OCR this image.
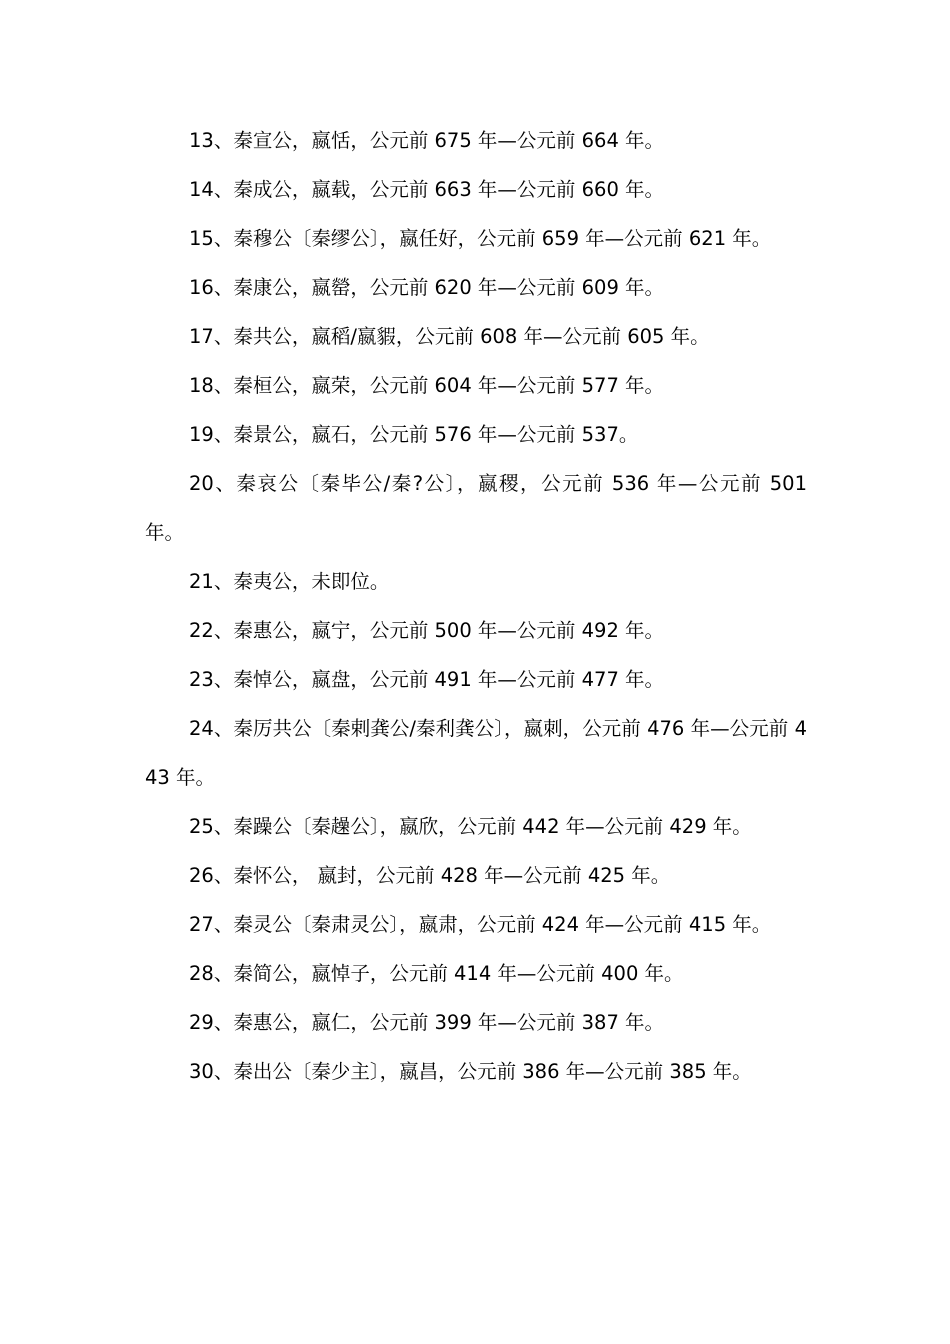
13、秦宣公，嬴恬，公元前 675 年—公元前 664 年。

14、秦成公，嬴载，公元前 663 年—公元前 660 年。

15、秦穆公〔秦缪公〕，嬴任好，公元前 659 年—公元前 621 年。

16、秦康公，嬴罃，公元前 620 年—公元前 609 年。

17、秦共公，嬴稻/嬴貑，公元前 608 年—公元前 605 年。

18、秦桓公，嬴荣，公元前 604 年—公元前 577 年。

19、秦景公，嬴石，公元前 576 年—公元前 537。

20、秦哀公〔秦毕公/秦?公〕，嬴稷，公元前 536 年—公元前 501 年。

21、秦夷公，未即位。

22、秦惠公，嬴宁，公元前 500 年—公元前 492 年。

23、秦悼公，嬴盘，公元前 491 年—公元前 477 年。

24、秦厉共公〔秦剌龚公/秦利龚公〕，嬴刺，公元前 476 年—公元前 443 年。

25、秦躁公〔秦趮公〕，嬴欣，公元前 442 年—公元前 429 年。

26、秦怀公， 嬴封，公元前 428 年—公元前 425 年。

27、秦灵公〔秦肃灵公〕，嬴肃，公元前 424 年—公元前 415 年。

28、秦简公，嬴悼子，公元前 414 年—公元前 400 年。

29、秦惠公，嬴仁，公元前 399 年—公元前 387 年。

30、秦出公〔秦少主〕，嬴昌，公元前 386 年—公元前 385 年。
